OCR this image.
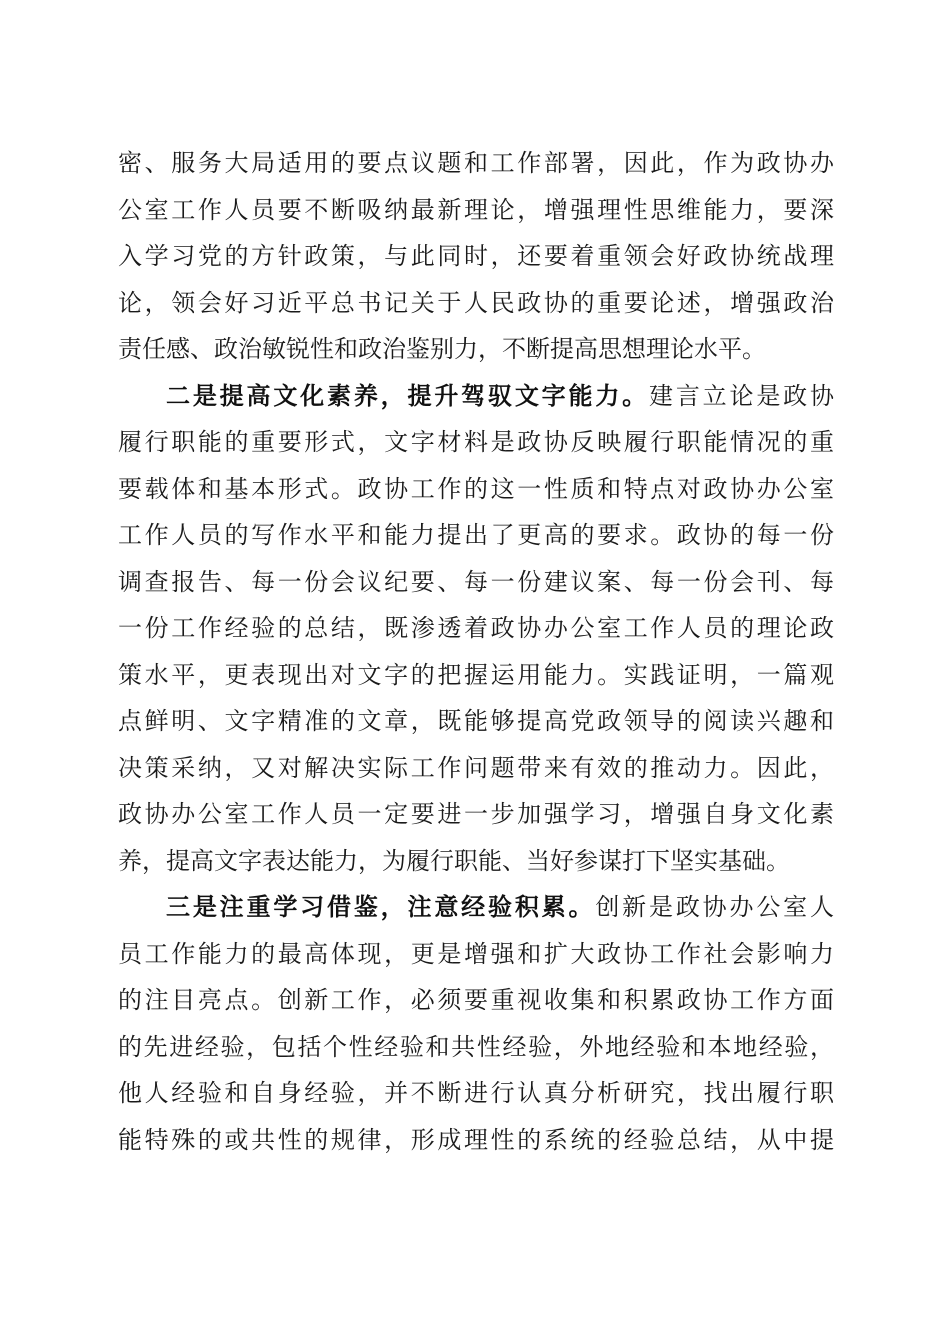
密、服务大局适用的要点议题和工作部署，因此，作为政协办
公室工作人员要不断吸纳最新理论，增强理性思维能力，要深
入学习党的方针政策，与此同时，还要着重领会好政协统战理
论，领会好习近平总书记关于人民政协的重要论述，增强政治
责任感、政治敏锐性和政治鉴别力，不断提高思想理论水平。
二是提高文化素养，提升驾驭文字能力。建言立论是政协
履行职能的重要形式，文字材料是政协反映履行职能情况的重
要载体和基本形式。政协工作的这一性质和特点对政协办公室
工作人员的写作水平和能力提出了更高的要求。政协的每一份
调查报告、每一份会议纪要、每一份建议案、每一份会刊、每
一份工作经验的总结，既渗透着政协办公室工作人员的理论政
策水平，更表现出对文字的把握运用能力。实践证明，一篇观
点鲜明、文字精准的文章，既能够提高党政领导的阅读兴趣和
决策采纳，又对解决实际工作问题带来有效的推动力。因此，
政协办公室工作人员一定要进一步加强学习，增强自身文化素
养，提高文字表达能力，为履行职能、当好参谋打下坚实基础。
三是注重学习借鉴，注意经验积累。创新是政协办公室人
员工作能力的最高体现，更是增强和扩大政协工作社会影响力
的注目亮点。创新工作，必须要重视收集和积累政协工作方面
的先进经验，包括个性经验和共性经验，外地经验和本地经验，
他人经验和自身经验，并不断进行认真分析研究，找出履行职
能特殊的或共性的规律，形成理性的系统的经验总结，从中提
